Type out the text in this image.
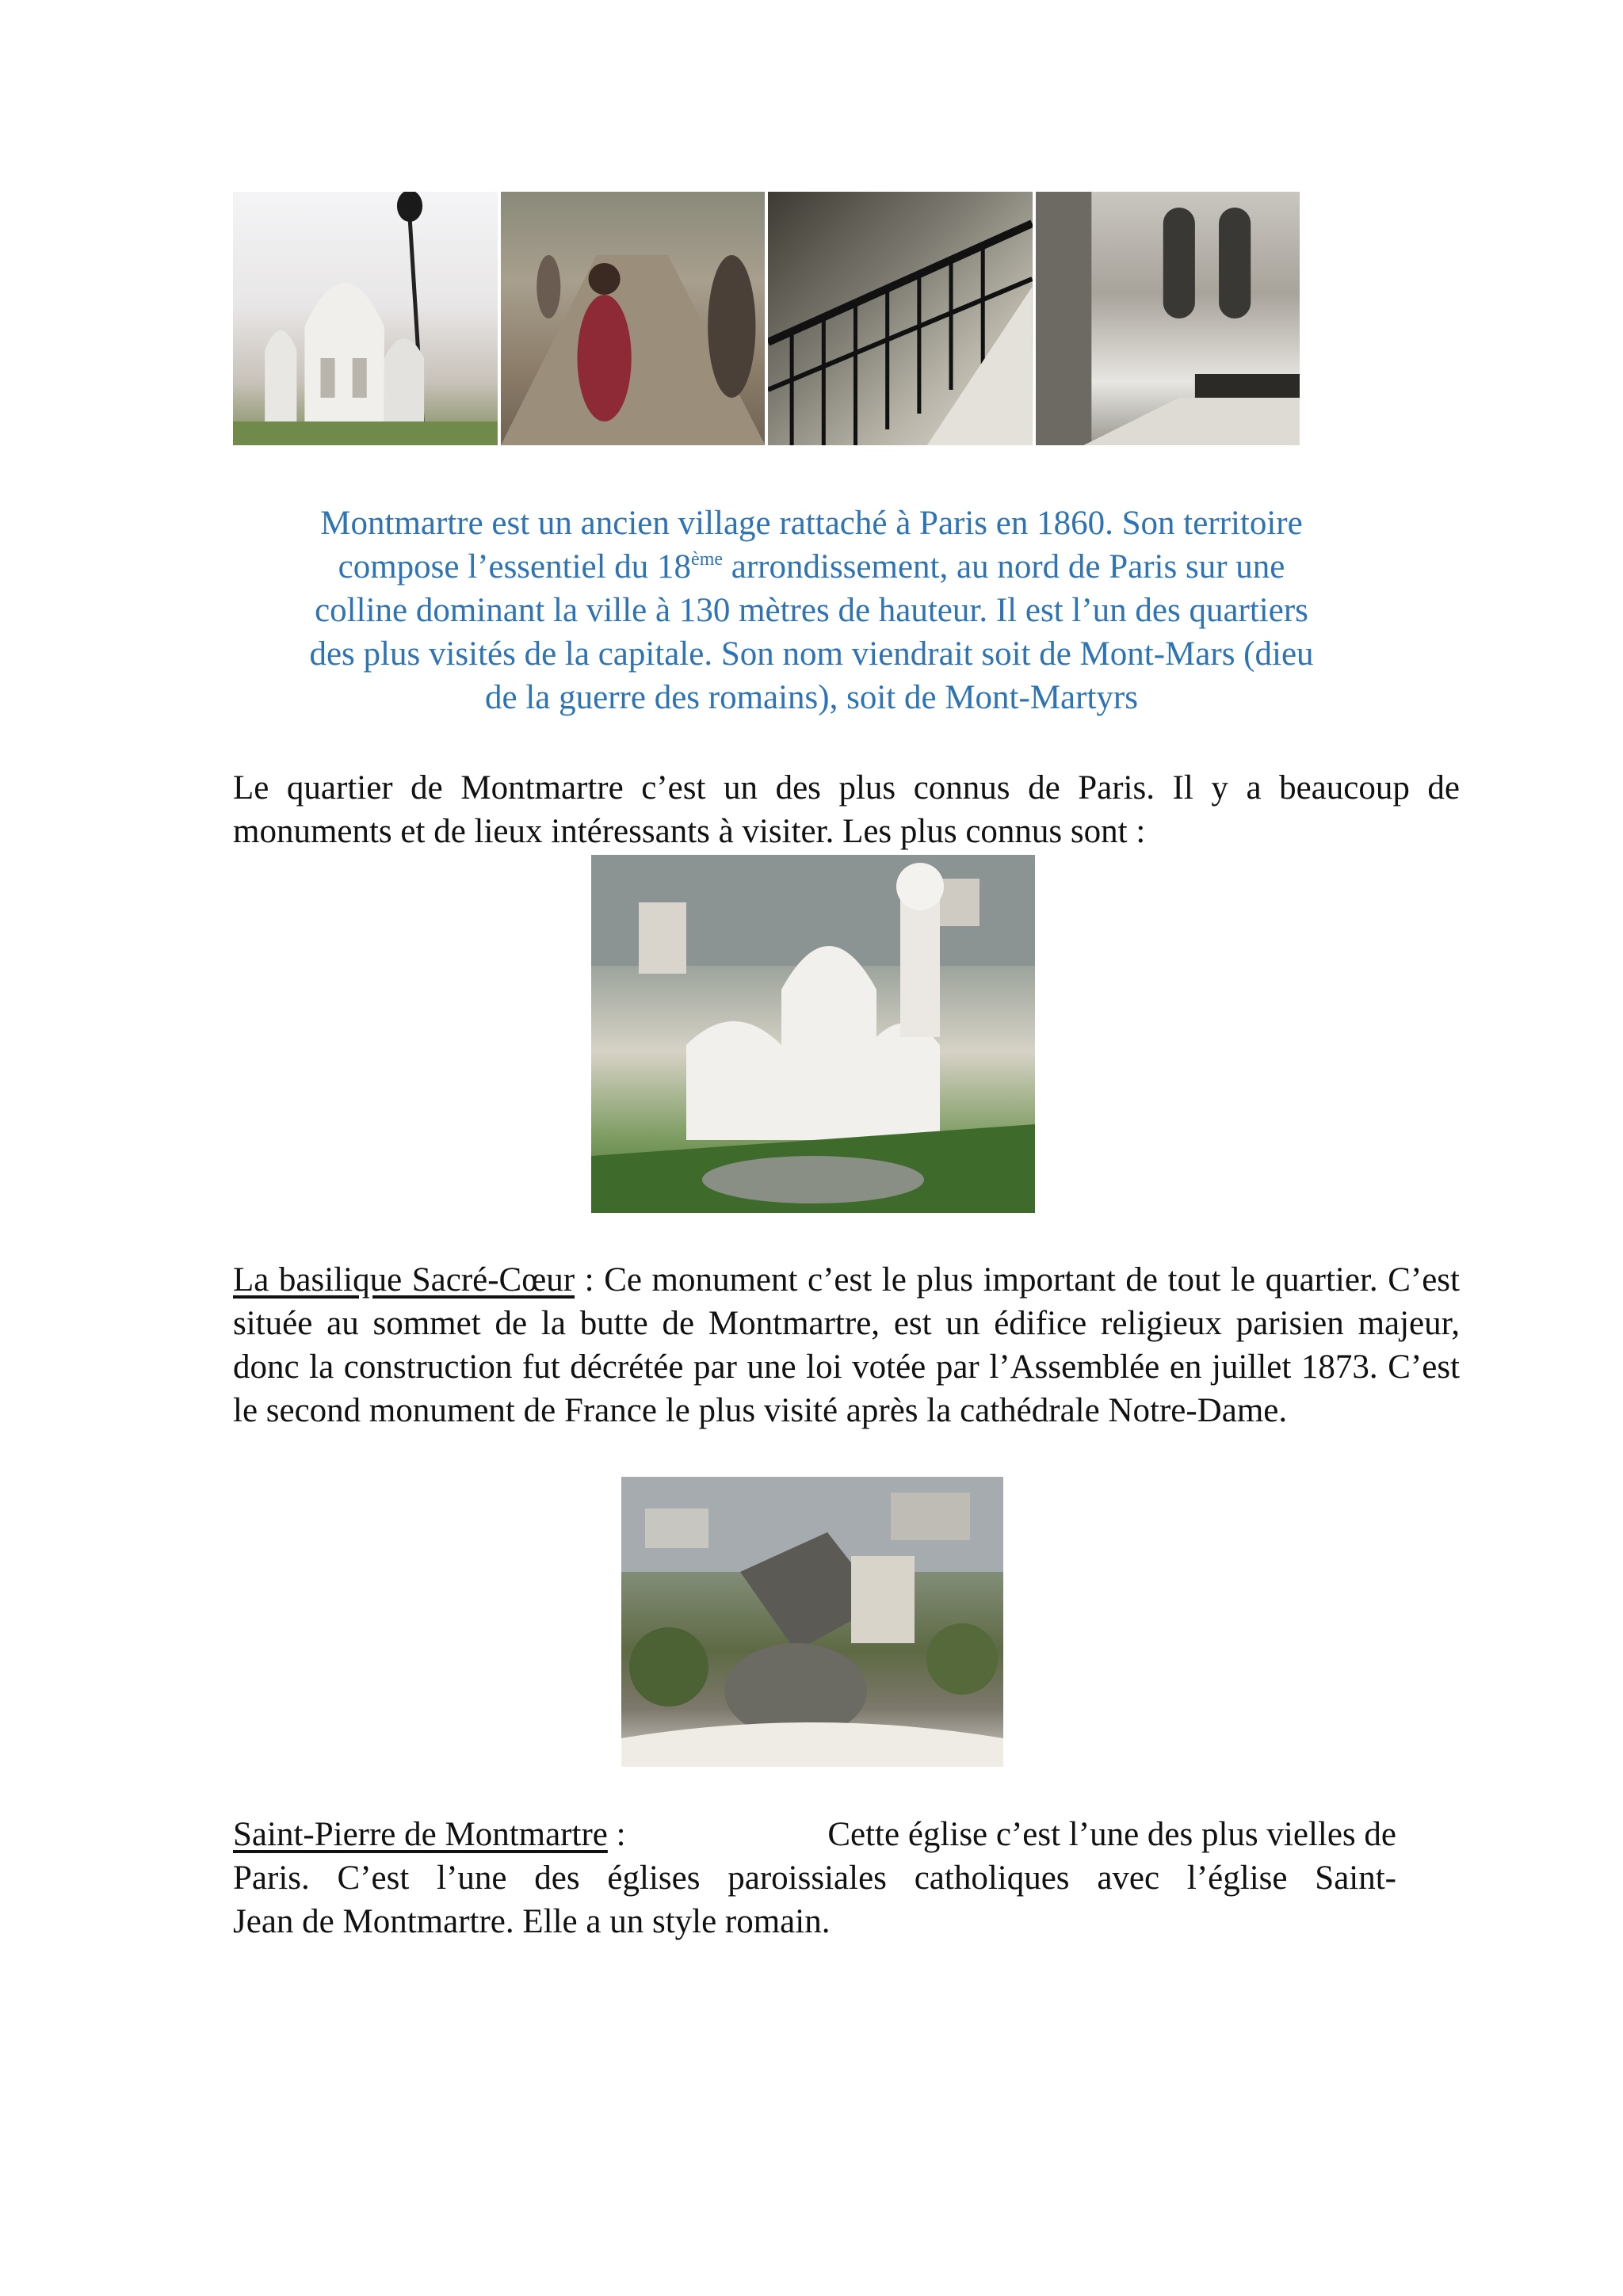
Montmartre est un ancien village rattaché à Paris en 1860. Son territoire
compose l’essentiel du 18ème arrondissement, au nord de Paris sur une
colline dominant la ville à 130 mètres de hauteur. Il est l’un des quartiers
des plus visités de la capitale. Son nom viendrait soit de Mont-Mars (dieu
de la guerre des romains), soit de Mont-Martyrs
Le quartier de Montmartre c’est un des plus connus de Paris. Il y a beaucoup de monuments et de lieux intéressants à visiter. Les plus connus sont :
La basilique Sacré-Cœur : Ce monument c’est le plus important de tout le quartier. C’est située au sommet de la butte de Montmartre, est un édifice religieux parisien majeur, donc la construction fut décrétée par une loi votée par l’Assemblée en juillet 1873. C’est le second monument de France le plus visité après la cathédrale Notre-Dame.
Saint-Pierre de Montmartre :	Cette église c’est l’une des plus vielles de
Paris. C’est l’une des églises paroissiales catholiques avec l’église Saint-
Jean de Montmartre. Elle a un style romain.
